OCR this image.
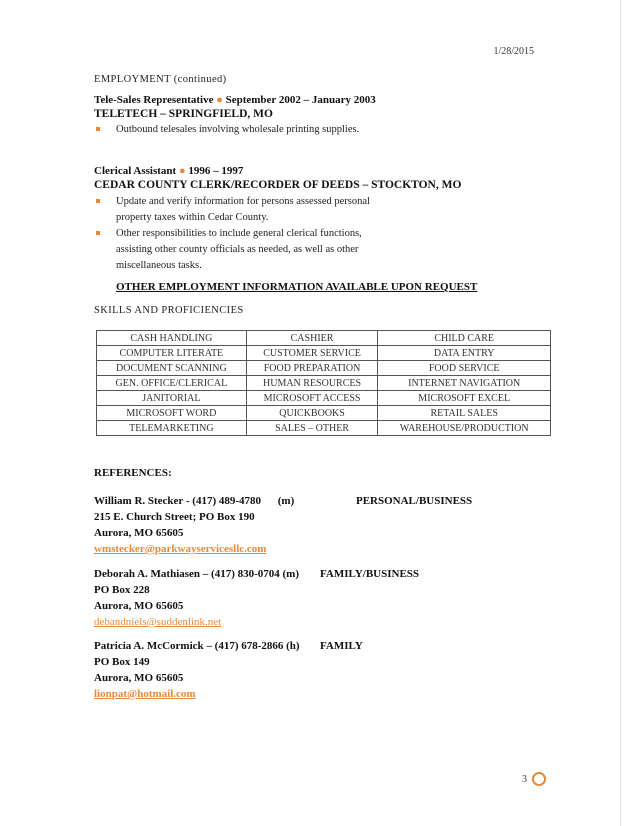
1/28/2015
EMPLOYMENT (continued)
Tele-Sales Representative ● September 2002 – January 2003
TELETECH – SPRINGFIELD, MO
Outbound telesales involving wholesale printing supplies.
Clerical Assistant ● 1996 – 1997
CEDAR COUNTY CLERK/RECORDER OF DEEDS – STOCKTON, MO
Update and verify information for persons assessed personal
property taxes within Cedar County.
Other responsibilities to include general clerical functions,
assisting other county officials as needed, as well as other
miscellaneous tasks.
OTHER EMPLOYMENT INFORMATION AVAILABLE UPON REQUEST
SKILLS AND PROFICIENCIES
CASH HANDLING	CASHIER	CHILD CARE
COMPUTER LITERATE	CUSTOMER SERVICE	DATA ENTRY
DOCUMENT SCANNING	FOOD PREPARATION	FOOD SERVICE
GEN. OFFICE/CLERICAL	HUMAN RESOURCES	INTERNET NAVIGATION
JANITORIAL	MICROSOFT ACCESS	MICROSOFT EXCEL
MICROSOFT WORD	QUICKBOOKS	RETAIL SALES
TELEMARKETING	SALES – OTHER	WAREHOUSE/PRODUCTION
REFERENCES:
William R. Stecker - (417) 489-4780 (m)	PERSONAL/BUSINESS
215 E. Church Street; PO Box 190
Aurora, MO 65605
wmstecker@parkwayservicesllc.com
Deborah A. Mathiasen – (417) 830-0704 (m) FAMILY/BUSINESS
PO Box 228
Aurora, MO 65605
debandniels@suddenlink.net
Patricia A. McCormick – (417) 678-2866 (h) FAMILY
PO Box 149
Aurora, MO 65605
lionpat@hotmail.com
3
